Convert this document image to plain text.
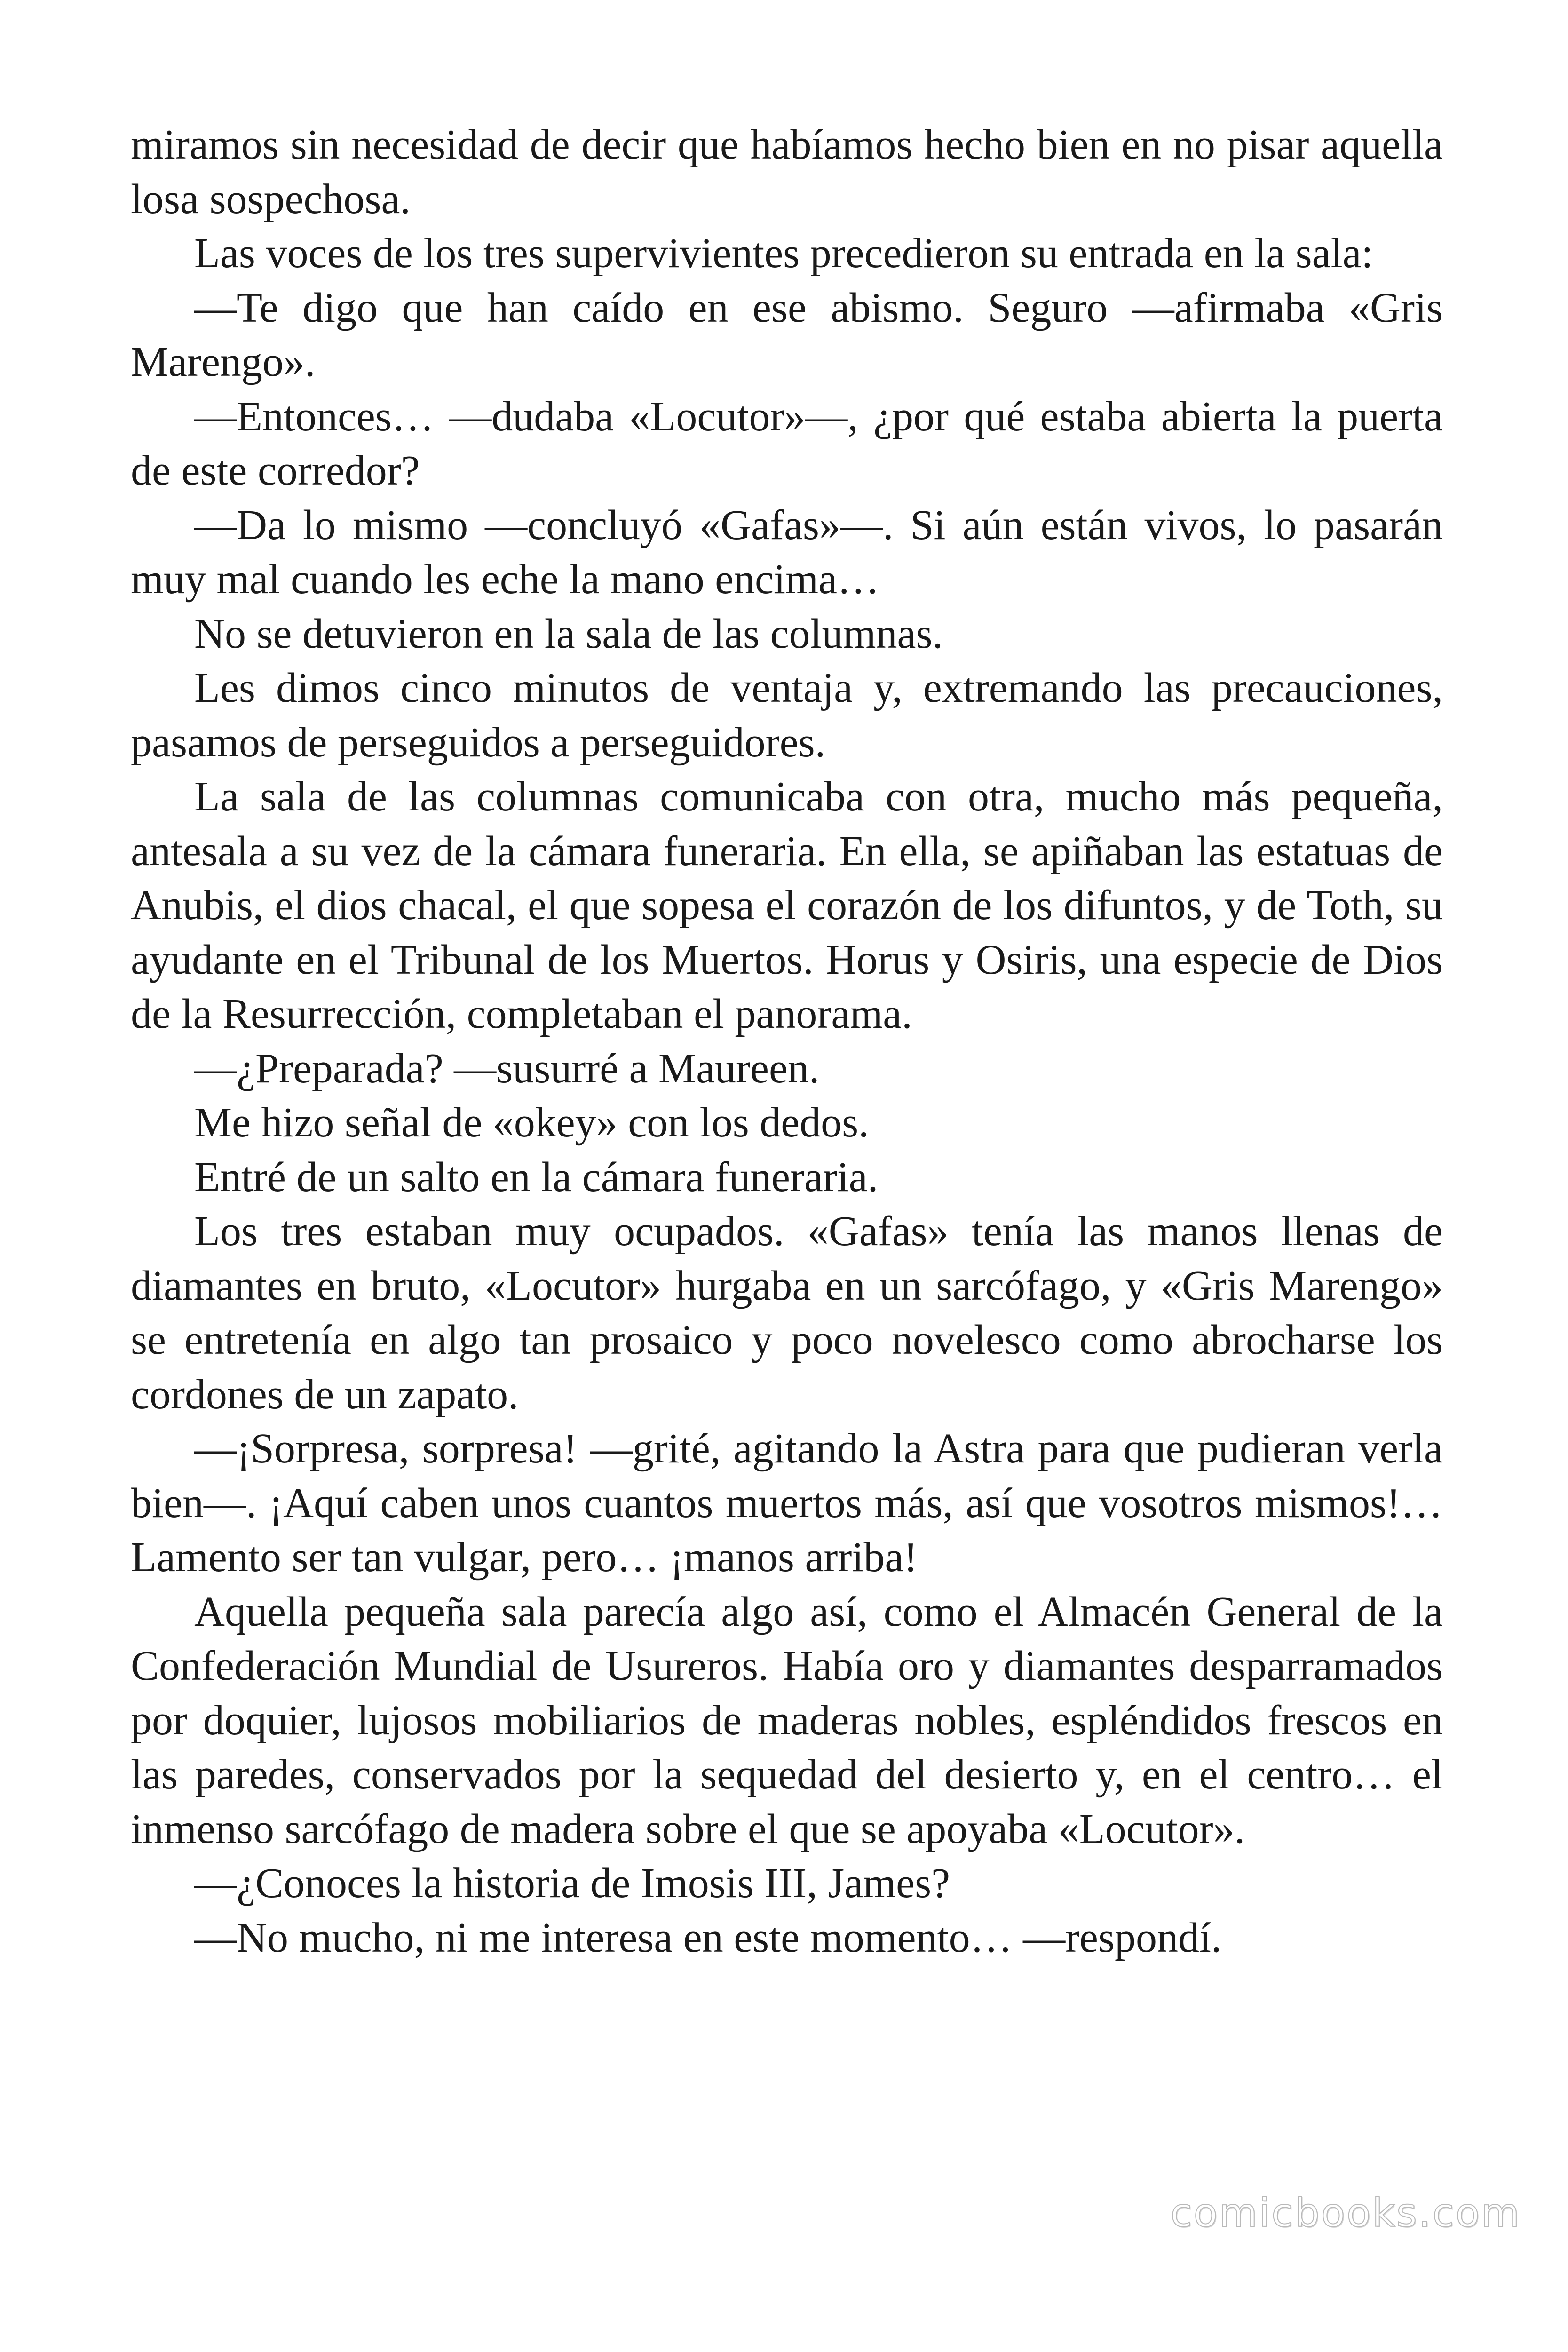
miramos sin necesidad de decir que habíamos hecho bien en no pisar aquella losa sospechosa.

Las voces de los tres supervivientes precedieron su entrada en la sala:

—Te digo que han caído en ese abismo. Seguro —afirmaba «Gris Marengo».

—Entonces… —dudaba «Locutor»—, ¿por qué estaba abierta la puerta de este corredor?

—Da lo mismo —concluyó «Gafas»—. Si aún están vivos, lo pasarán muy mal cuando les eche la mano encima…

No se detuvieron en la sala de las columnas.

Les dimos cinco minutos de ventaja y, extremando las precauciones, pasamos de perseguidos a perseguidores.

La sala de las columnas comunicaba con otra, mucho más pequeña, antesala a su vez de la cámara funeraria. En ella, se apiñaban las estatuas de Anubis, el dios chacal, el que sopesa el corazón de los difuntos, y de Toth, su ayudante en el Tribunal de los Muertos. Horus y Osiris, una especie de Dios de la Resurrección, completaban el panorama.

—¿Preparada? —susurré a Maureen.

Me hizo señal de «okey» con los dedos.

Entré de un salto en la cámara funeraria.

Los tres estaban muy ocupados. «Gafas» tenía las manos llenas de diamantes en bruto, «Locutor» hurgaba en un sarcófago, y «Gris Marengo» se entretenía en algo tan prosaico y poco novelesco como abrocharse los cordones de un zapato.

—¡Sorpresa, sorpresa! —grité, agitando la Astra para que pudieran verla bien—. ¡Aquí caben unos cuantos muertos más, así que vosotros mismos!… Lamento ser tan vulgar, pero… ¡manos arriba!

Aquella pequeña sala parecía algo así, como el Almacén General de la Confederación Mundial de Usureros. Había oro y diamantes desparramados por doquier, lujosos mobiliarios de maderas nobles, espléndidos frescos en las paredes, conservados por la sequedad del desierto y, en el centro… el inmenso sarcófago de madera sobre el que se apoyaba «Locutor».

—¿Conoces la historia de Imosis III, James?

—No mucho, ni me interesa en este momento… —respondí.

comicbooks.com
